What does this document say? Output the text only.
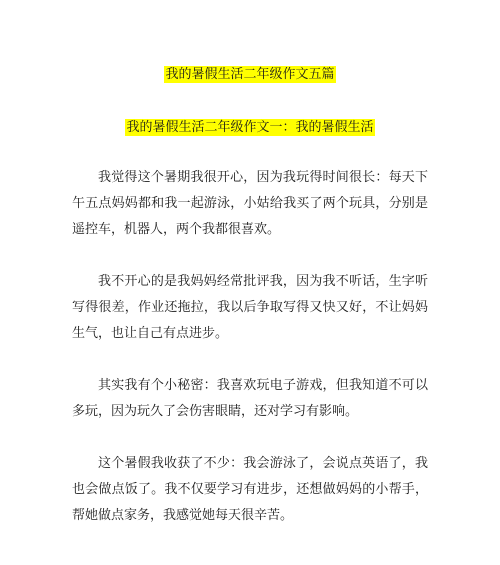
我的暑假生活二年级作文五篇
我的暑假生活二年级作文一：我的暑假生活

我觉得这个暑期我很开心，因为我玩得时间很长：每天下午五点妈妈都和我一起游泳，小姑给我买了两个玩具，分别是遥控车，机器人，两个我都很喜欢。

我不开心的是我妈妈经常批评我，因为我不听话，生字听写得很差，作业还拖拉，我以后争取写得又快又好，不让妈妈生气，也让自己有点进步。

其实我有个小秘密：我喜欢玩电子游戏，但我知道不可以多玩，因为玩久了会伤害眼睛，还对学习有影响。

这个暑假我收获了不少：我会游泳了，会说点英语了，我也会做点饭了。我不仅要学习有进步，还想做妈妈的小帮手，帮她做点家务，我感觉她每天很辛苦。
